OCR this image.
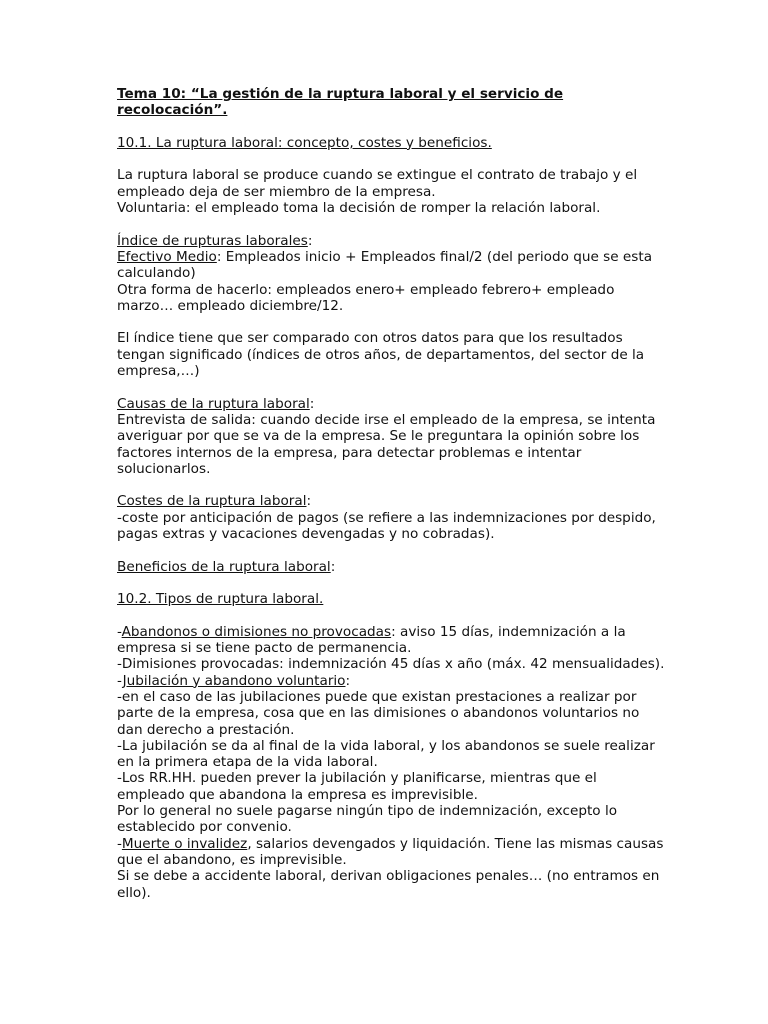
Tema 10: “La gestión de la ruptura laboral y el servicio de recolocación”.

10.1. La ruptura laboral: concepto, costes y beneficios.

La ruptura laboral se produce cuando se extingue el contrato de trabajo y el empleado deja de ser miembro de la empresa.

Voluntaria: el empleado toma la decisión de romper la relación laboral.

Índice de rupturas laborales:

Efectivo Medio: Empleados inicio + Empleados final/2 (del periodo que se esta calculando)

Otra forma de hacerlo: empleados enero+ empleado febrero+ empleado marzo… empleado diciembre/12.

El índice tiene que ser comparado con otros datos para que los resultados tengan significado (índices de otros años, de departamentos, del sector de la empresa,…)

Causas de la ruptura laboral:

Entrevista de salida: cuando decide irse el empleado de la empresa, se intenta averiguar por que se va de la empresa. Se le preguntara la opinión sobre los factores internos de la empresa, para detectar problemas e intentar solucionarlos.

Costes de la ruptura laboral:

-coste por anticipación de pagos (se refiere a las indemnizaciones por despido, pagas extras y vacaciones devengadas y no cobradas).

Beneficios de la ruptura laboral:

10.2. Tipos de ruptura laboral.

-Abandonos o dimisiones no provocadas: aviso 15 días, indemnización a la empresa si se tiene pacto de permanencia.

-Dimisiones provocadas: indemnización 45 días x año (máx. 42 mensualidades).

-Jubilación y abandono voluntario:

-en el caso de las jubilaciones puede que existan prestaciones a realizar por parte de la empresa, cosa que en las dimisiones o abandonos voluntarios no dan derecho a prestación.

-La jubilación se da al final de la vida laboral, y los abandonos se suele realizar en la primera etapa de la vida laboral.

-Los RR.HH. pueden prever la jubilación y planificarse, mientras que el empleado que abandona la empresa es imprevisible.

Por lo general no suele pagarse ningún tipo de indemnización, excepto lo establecido por convenio.

-Muerte o invalidez, salarios devengados y liquidación. Tiene las mismas causas que el abandono, es imprevisible.

Si se debe a accidente laboral, derivan obligaciones penales… (no entramos en ello).
